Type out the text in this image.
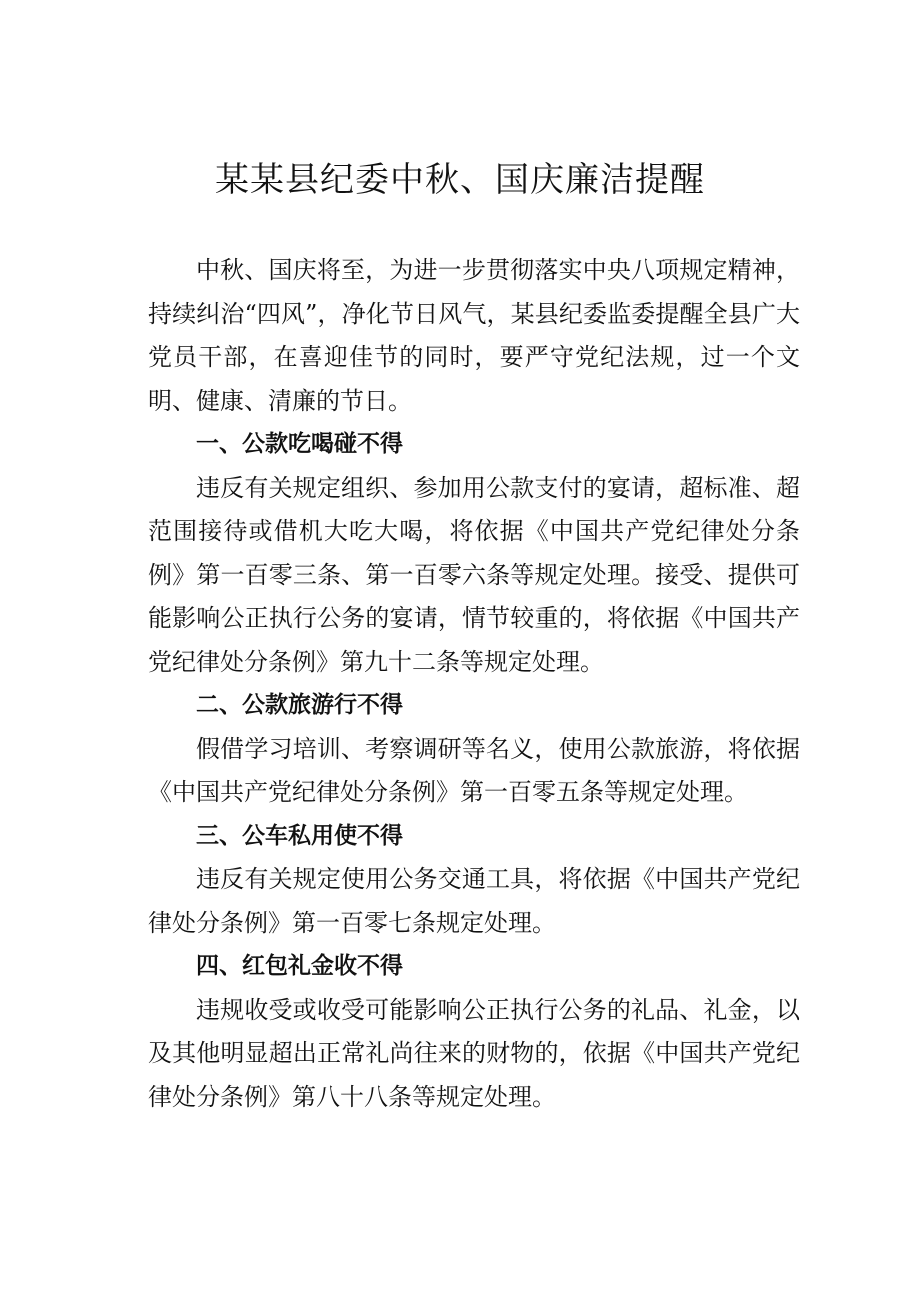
某某县纪委中秋、国庆廉洁提醒

中秋、国庆将至，为进一步贯彻落实中央八项规定精神，持续纠治“四风”，净化节日风气，某县纪委监委提醒全县广大党员干部，在喜迎佳节的同时，要严守党纪法规，过一个文明、健康、清廉的节日。

一、公款吃喝碰不得

违反有关规定组织、参加用公款支付的宴请，超标准、超范围接待或借机大吃大喝，将依据《中国共产党纪律处分条例》第一百零三条、第一百零六条等规定处理。接受、提供可能影响公正执行公务的宴请，情节较重的，将依据《中国共产党纪律处分条例》第九十二条等规定处理。

二、公款旅游行不得

假借学习培训、考察调研等名义，使用公款旅游，将依据《中国共产党纪律处分条例》第一百零五条等规定处理。

三、公车私用使不得

违反有关规定使用公务交通工具，将依据《中国共产党纪律处分条例》第一百零七条规定处理。

四、红包礼金收不得

违规收受或收受可能影响公正执行公务的礼品、礼金，以及其他明显超出正常礼尚往来的财物的，依据《中国共产党纪律处分条例》第八十八条等规定处理。
